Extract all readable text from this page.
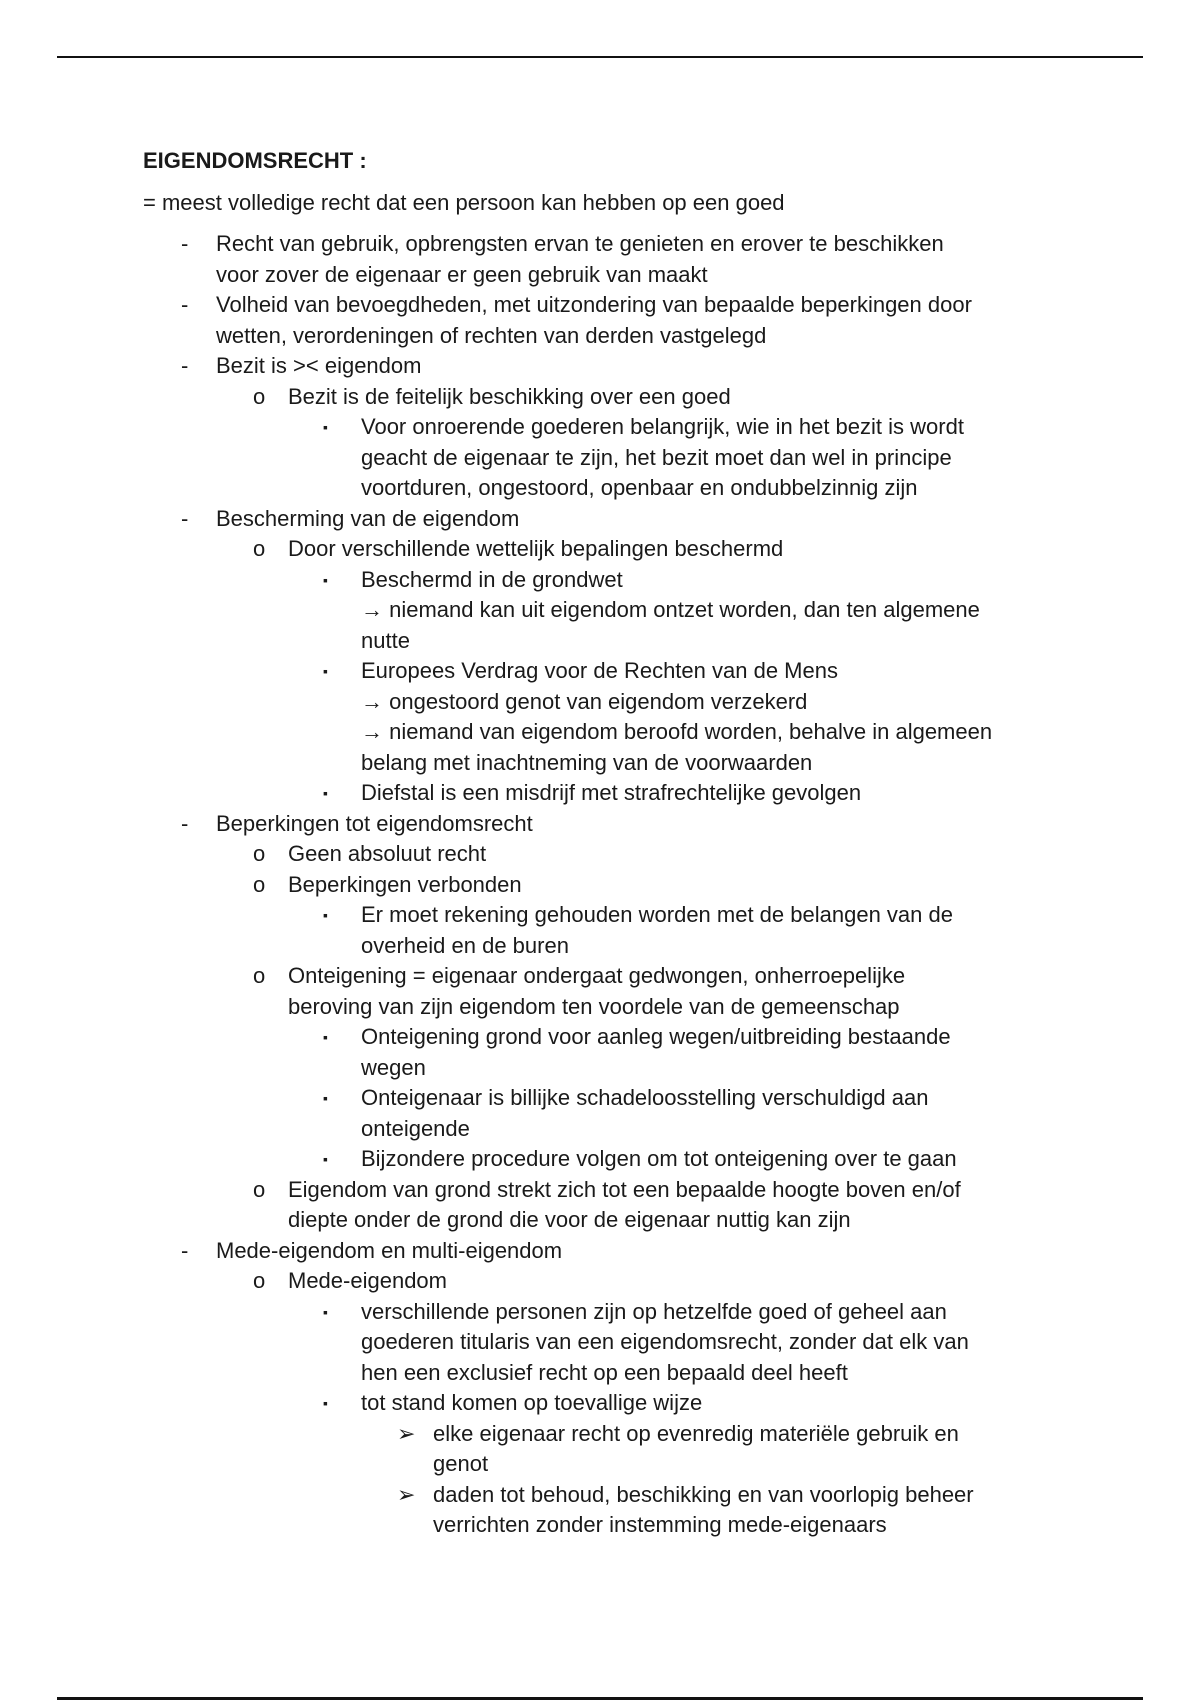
EIGENDOMSRECHT :
= meest volledige recht dat een persoon kan hebben op een goed
- Recht van gebruik, opbrengsten ervan te genieten en erover te beschikken
voor zover de eigenaar er geen gebruik van maakt
- Volheid van bevoegdheden, met uitzondering van bepaalde beperkingen door
wetten, verordeningen of rechten van derden vastgelegd
- Bezit is >< eigendom
o Bezit is de feitelijk beschikking over een goed
▪ Voor onroerende goederen belangrijk, wie in het bezit is wordt
geacht de eigenaar te zijn, het bezit moet dan wel in principe
voortduren, ongestoord, openbaar en ondubbelzinnig zijn
- Bescherming van de eigendom
o Door verschillende wettelijk bepalingen beschermd
▪ Beschermd in de grondwet
→ niemand kan uit eigendom ontzet worden, dan ten algemene
nutte
▪ Europees Verdrag voor de Rechten van de Mens
→ ongestoord genot van eigendom verzekerd
→ niemand van eigendom beroofd worden, behalve in algemeen
belang met inachtneming van de voorwaarden
▪ Diefstal is een misdrijf met strafrechtelijke gevolgen
- Beperkingen tot eigendomsrecht
o Geen absoluut recht
o Beperkingen verbonden
▪ Er moet rekening gehouden worden met de belangen van de
overheid en de buren
o Onteigening = eigenaar ondergaat gedwongen, onherroepelijke
beroving van zijn eigendom ten voordele van de gemeenschap
▪ Onteigening grond voor aanleg wegen/uitbreiding bestaande
wegen
▪ Onteigenaar is billijke schadeloosstelling verschuldigd aan
onteigende
▪ Bijzondere procedure volgen om tot onteigening over te gaan
o Eigendom van grond strekt zich tot een bepaalde hoogte boven en/of
diepte onder de grond die voor de eigenaar nuttig kan zijn
- Mede-eigendom en multi-eigendom
o Mede-eigendom
▪ verschillende personen zijn op hetzelfde goed of geheel aan
goederen titularis van een eigendomsrecht, zonder dat elk van
hen een exclusief recht op een bepaald deel heeft
▪ tot stand komen op toevallige wijze
➢ elke eigenaar recht op evenredig materiële gebruik en
genot
➢ daden tot behoud, beschikking en van voorlopig beheer
verrichten zonder instemming mede-eigenaars
